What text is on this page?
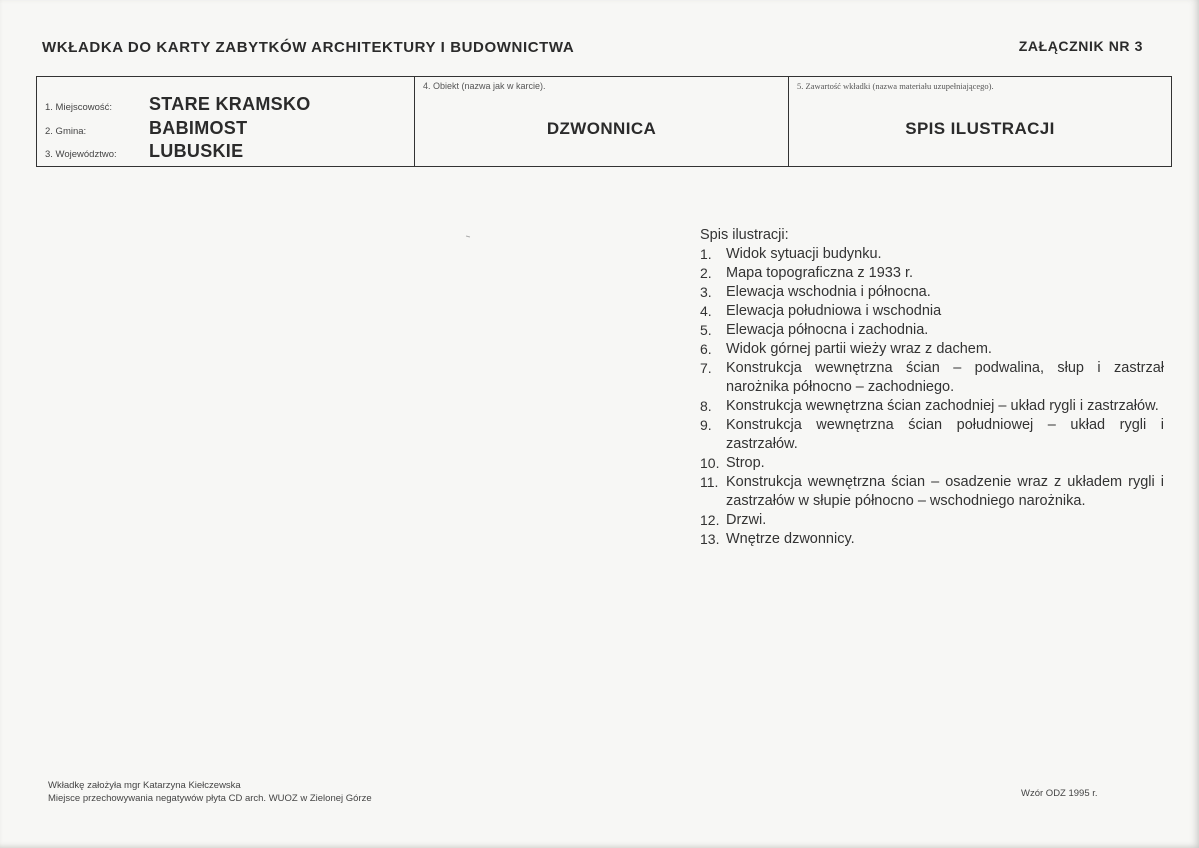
WKŁADKA DO KARTY ZABYTKÓW ARCHITEKTURY I BUDOWNICTWA	ZAŁĄCZNIK NR 3
1. Miejscowość:	STARE KRAMSKO
2. Gmina:	BABIMOST
3. Województwo:	LUBUSKIE
4. Obiekt (nazwa jak w karcie).
DZWONNICA
5. Zawartość wkładki (nazwa materiału uzupełniającego).
SPIS ILUSTRACJI
Spis ilustracji:
1. Widok sytuacji budynku.
2. Mapa topograficzna z 1933 r.
3. Elewacja wschodnia i północna.
4. Elewacja południowa i wschodnia
5. Elewacja północna i zachodnia.
6. Widok górnej partii wieży wraz z dachem.
7. Konstrukcja wewnętrzna ścian – podwalina, słup i zastrzał narożnika północno – zachodniego.
8. Konstrukcja wewnętrzna ścian zachodniej – układ rygli i zastrzałów.
9. Konstrukcja wewnętrzna ścian południowej – układ rygli i zastrzałów.
10. Strop.
11. Konstrukcja wewnętrzna ścian – osadzenie wraz z układem rygli i zastrzałów w słupie północno – wschodniego narożnika.
12. Drzwi.
13. Wnętrze dzwonnicy.
Wkładkę założyła mgr Katarzyna Kiełczewska
Miejsce przechowywania negatywów płyta CD arch. WUOZ w Zielonej Górze	Wzór ODZ 1995 r.
